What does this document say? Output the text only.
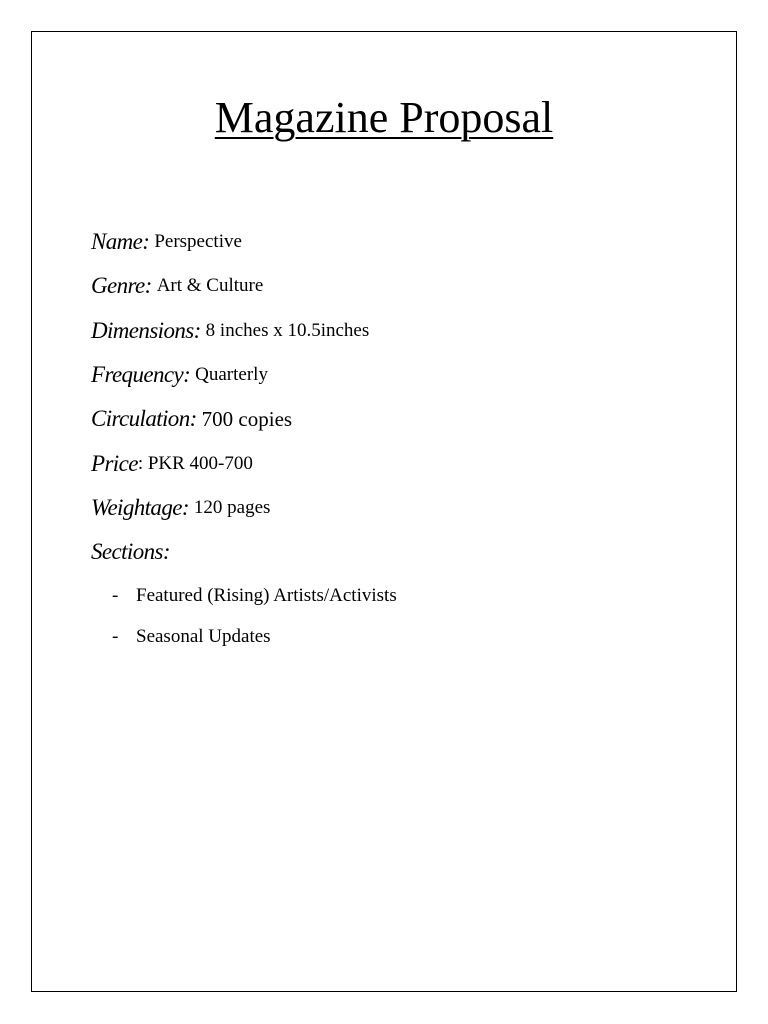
Magazine Proposal
Name: Perspective
Genre: Art & Culture
Dimensions: 8 inches x 10.5inches
Frequency: Quarterly
Circulation: 700 copies
Price : PKR 400-700
Weightage: 120 pages
Sections:
- Featured (Rising) Artists/Activists
- Seasonal Updates
